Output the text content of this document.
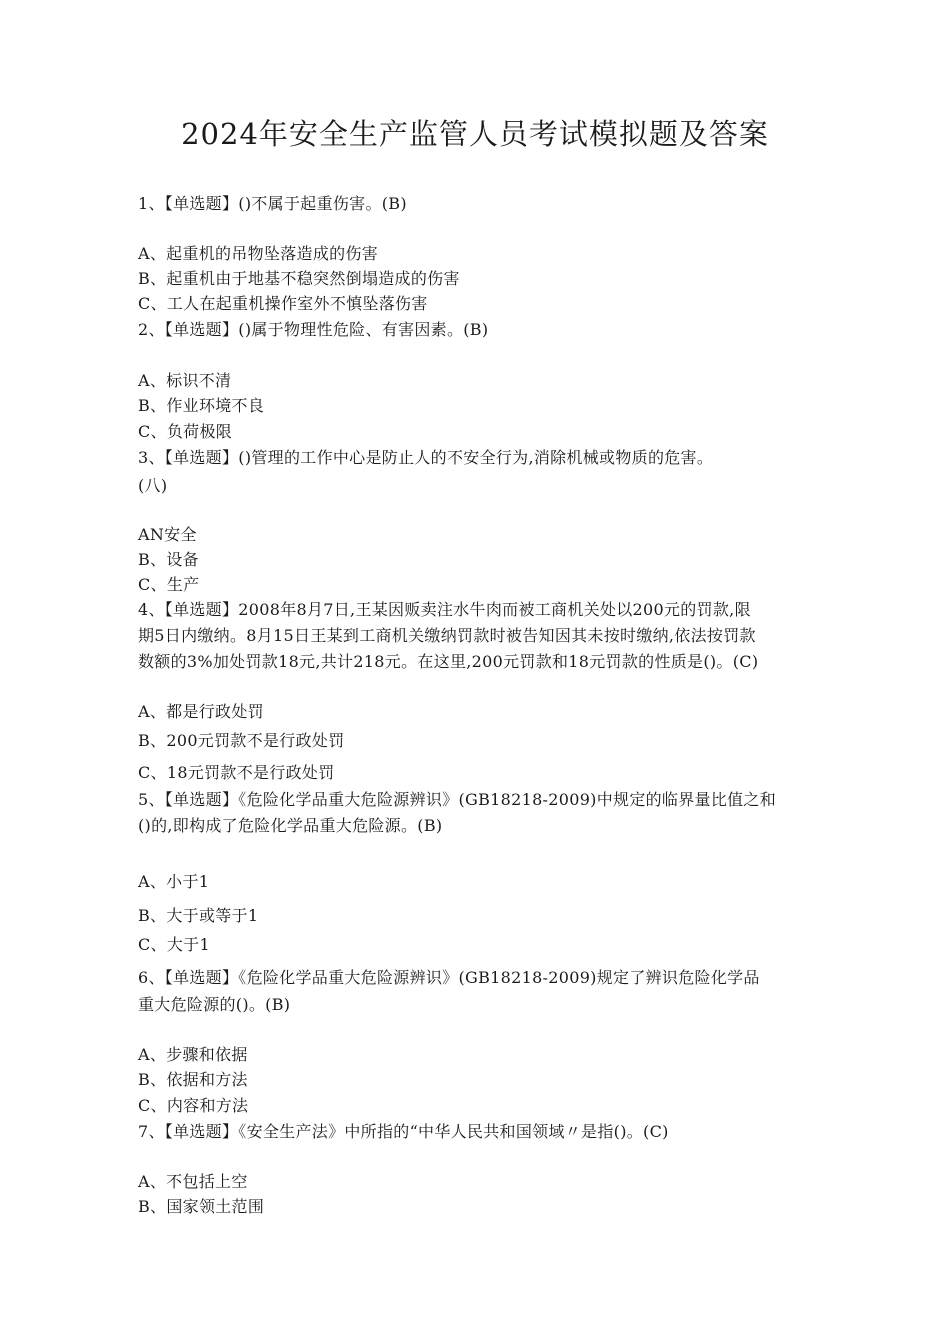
2024年安全生产监管人员考试模拟题及答案
1、【单选题】()不属于起重伤害。(B)
A、起重机的吊物坠落造成的伤害
B、起重机由于地基不稳突然倒塌造成的伤害
C、工人在起重机操作室外不慎坠落伤害
2、【单选题】()属于物理性危险、有害因素。(B)
A、标识不清
B、作业环境不良
C、负荷极限
3、【单选题】()管理的工作中心是防止人的不安全行为,消除机械或物质的危害。
(八)
AN安全
B、设备
C、生产
4、【单选题】2008年8月7日,王某因贩卖注水牛肉而被工商机关处以200元的罚款,限
期5日内缴纳。8月15日王某到工商机关缴纳罚款时被告知因其未按时缴纳,依法按罚款
数额的3%加处罚款18元,共计218元。在这里,200元罚款和18元罚款的性质是()。(C)
A、都是行政处罚
B、200元罚款不是行政处罚
C、18元罚款不是行政处罚
5、【单选题】《危险化学品重大危险源辨识》(GB18218-2009)中规定的临界量比值之和
()的,即构成了危险化学品重大危险源。(B)
A、小于1
B、大于或等于1
C、大于1
6、【单选题】《危险化学品重大危险源辨识》(GB18218-2009)规定了辨识危险化学品
重大危险源的()。(B)
A、步骤和依据
B、依据和方法
C、内容和方法
7、【单选题】《安全生产法》中所指的“中华人民共和国领域〃是指()。(C)
A、不包括上空
B、国家领土范围
